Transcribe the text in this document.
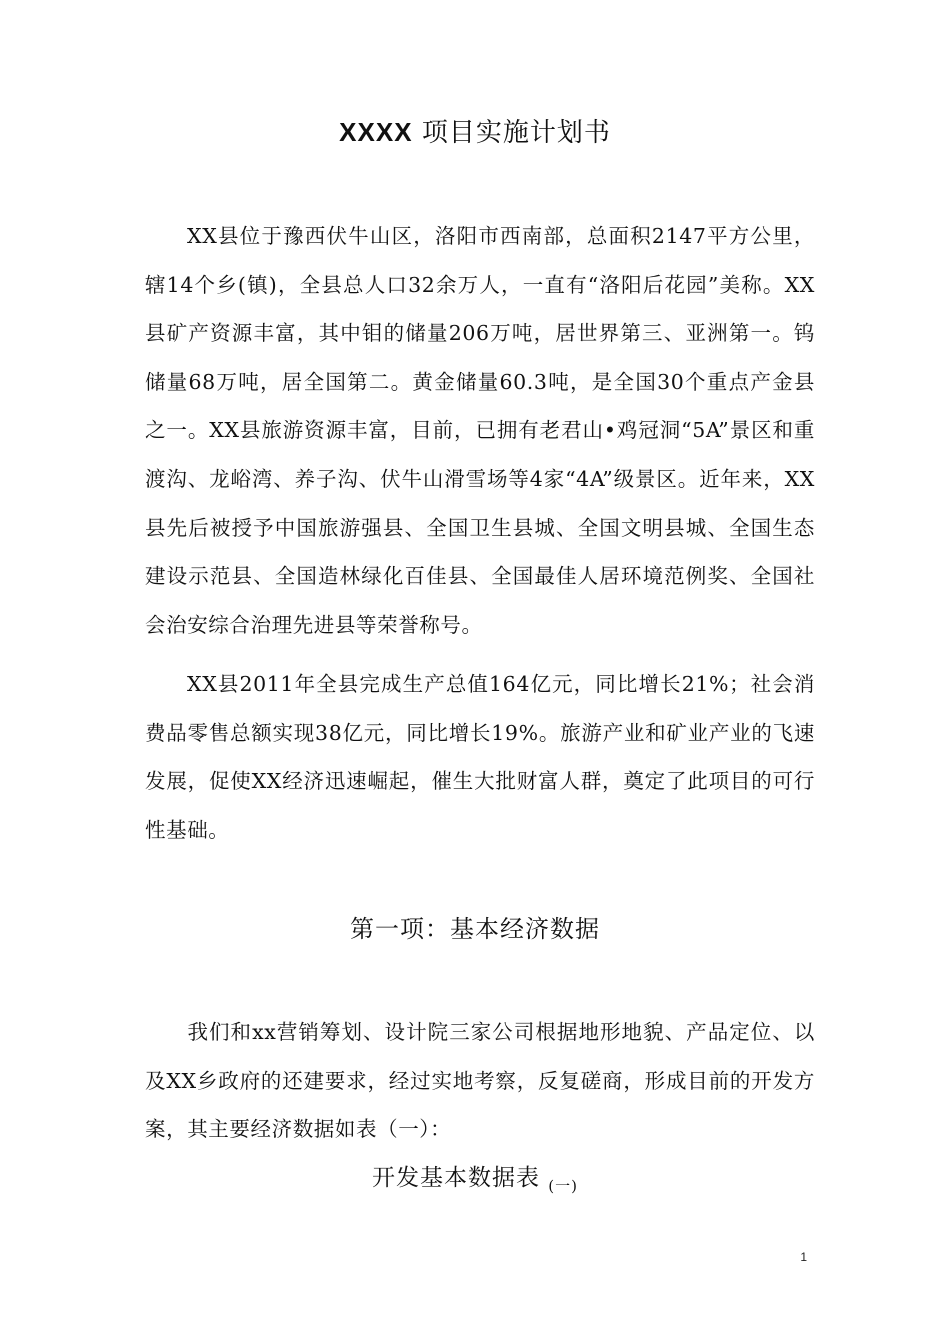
XXXX 项目实施计划书
XX县位于豫西伏牛山区，洛阳市西南部，总面积2147平方公里，辖14个乡(镇)，全县总人口32余万人，一直有“洛阳后花园”美称。XX县矿产资源丰富，其中钼的储量206万吨，居世界第三、亚洲第一。钨储量68万吨，居全国第二。黄金储量60.3吨，是全国30个重点产金县之一。XX县旅游资源丰富，目前，已拥有老君山•鸡冠洞“5A”景区和重渡沟、龙峪湾、养子沟、伏牛山滑雪场等4家“4A”级景区。近年来，XX县先后被授予中国旅游强县、全国卫生县城、全国文明县城、全国生态建设示范县、全国造林绿化百佳县、全国最佳人居环境范例奖、全国社会治安综合治理先进县等荣誉称号。
XX县2011年全县完成生产总值164亿元，同比增长21%；社会消费品零售总额实现38亿元，同比增长19%。旅游产业和矿业产业的飞速发展，促使XX经济迅速崛起，催生大批财富人群，奠定了此项目的可行性基础。
第一项：基本经济数据
我们和xx营销筹划、设计院三家公司根据地形地貌、产品定位、以及XX乡政府的还建要求，经过实地考察，反复磋商，形成目前的开发方案，其主要经济数据如表（一）：
开发基本数据表 $_{(一)}$
1
